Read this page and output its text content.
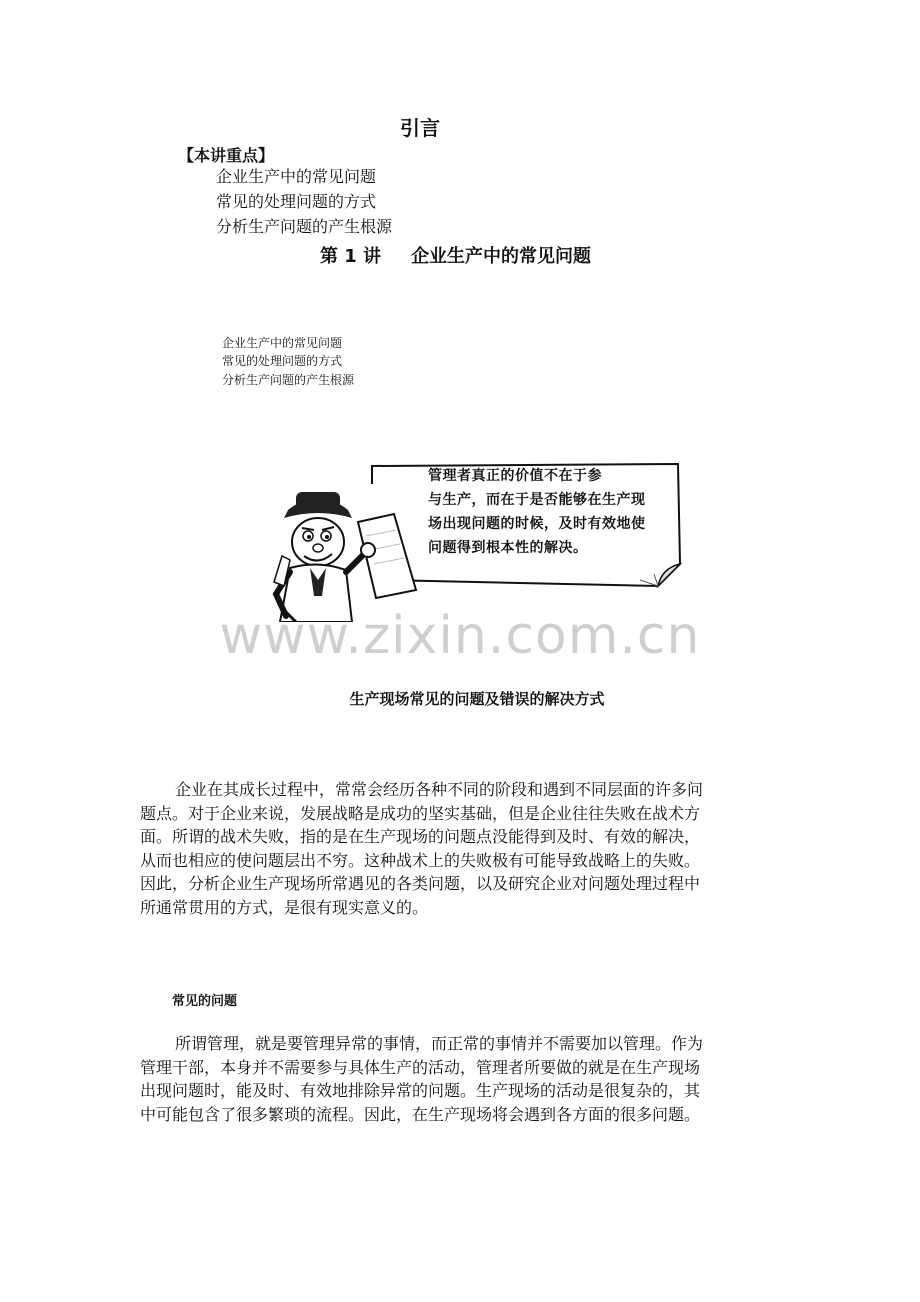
引言
【本讲重点】
企业生产中的常见问题
常见的处理问题的方式
分析生产问题的产生根源
第 1 讲 企业生产中的常见问题
企业生产中的常见问题
常见的处理问题的方式
分析生产问题的产生根源
管理者真正的价值不在于参
与生产，而在于是否能够在生产现
场出现问题的时候，及时有效地使
问题得到根本性的解决。
www.zixin.com.cn
生产现场常见的问题及错误的解决方式
企业在其成长过程中，常常会经历各种不同的阶段和遇到不同层面的许多问
题点。对于企业来说，发展战略是成功的坚实基础，但是企业往往失败在战术方
面。所谓的战术失败，指的是在生产现场的问题点没能得到及时、有效的解决，
从而也相应的使问题层出不穷。这种战术上的失败极有可能导致战略上的失败。
因此，分析企业生产现场所常遇见的各类问题，以及研究企业对问题处理过程中
所通常贯用的方式，是很有现实意义的。
常见的问题
所谓管理，就是要管理异常的事情，而正常的事情并不需要加以管理。作为
管理干部，本身并不需要参与具体生产的活动，管理者所要做的就是在生产现场
出现问题时，能及时、有效地排除异常的问题。生产现场的活动是很复杂的，其
中可能包含了很多繁琐的流程。因此，在生产现场将会遇到各方面的很多问题。
